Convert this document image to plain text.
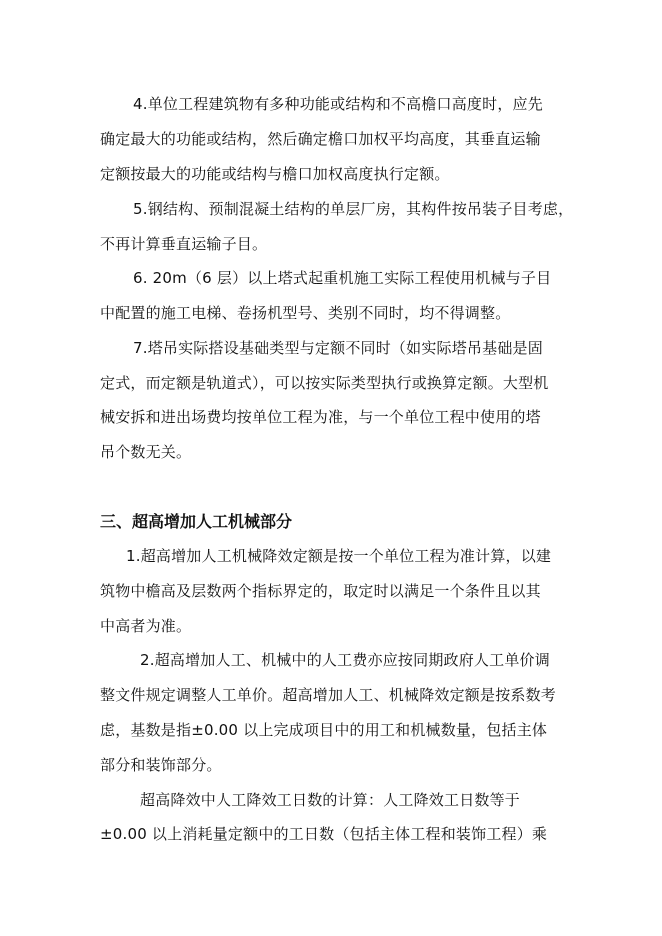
4.单位工程建筑物有多种功能或结构和不高檐口高度时，应先
确定最大的功能或结构，然后确定檐口加权平均高度，其垂直运输
定额按最大的功能或结构与檐口加权高度执行定额。
5.钢结构、预制混凝土结构的单层厂房，其构件按吊装子目考虑，
不再计算垂直运输子目。
6. 20m（6 层）以上塔式起重机施工实际工程使用机械与子目
中配置的施工电梯、卷扬机型号、类别不同时，均不得调整。
7.塔吊实际搭设基础类型与定额不同时（如实际塔吊基础是固
定式，而定额是轨道式），可以按实际类型执行或换算定额。大型机
械安拆和进出场费均按单位工程为准，与一个单位工程中使用的塔
吊个数无关。
三、超高增加人工机械部分
1.超高增加人工机械降效定额是按一个单位工程为准计算，以建
筑物中檐高及层数两个指标界定的，取定时以满足一个条件且以其
中高者为准。
2.超高增加人工、机械中的人工费亦应按同期政府人工单价调
整文件规定调整人工单价。超高增加人工、机械降效定额是按系数考
虑，基数是指±0.00 以上完成项目中的用工和机械数量，包括主体
部分和装饰部分。
超高降效中人工降效工日数的计算：人工降效工日数等于
±0.00 以上消耗量定额中的工日数（包括主体工程和装饰工程）乘
